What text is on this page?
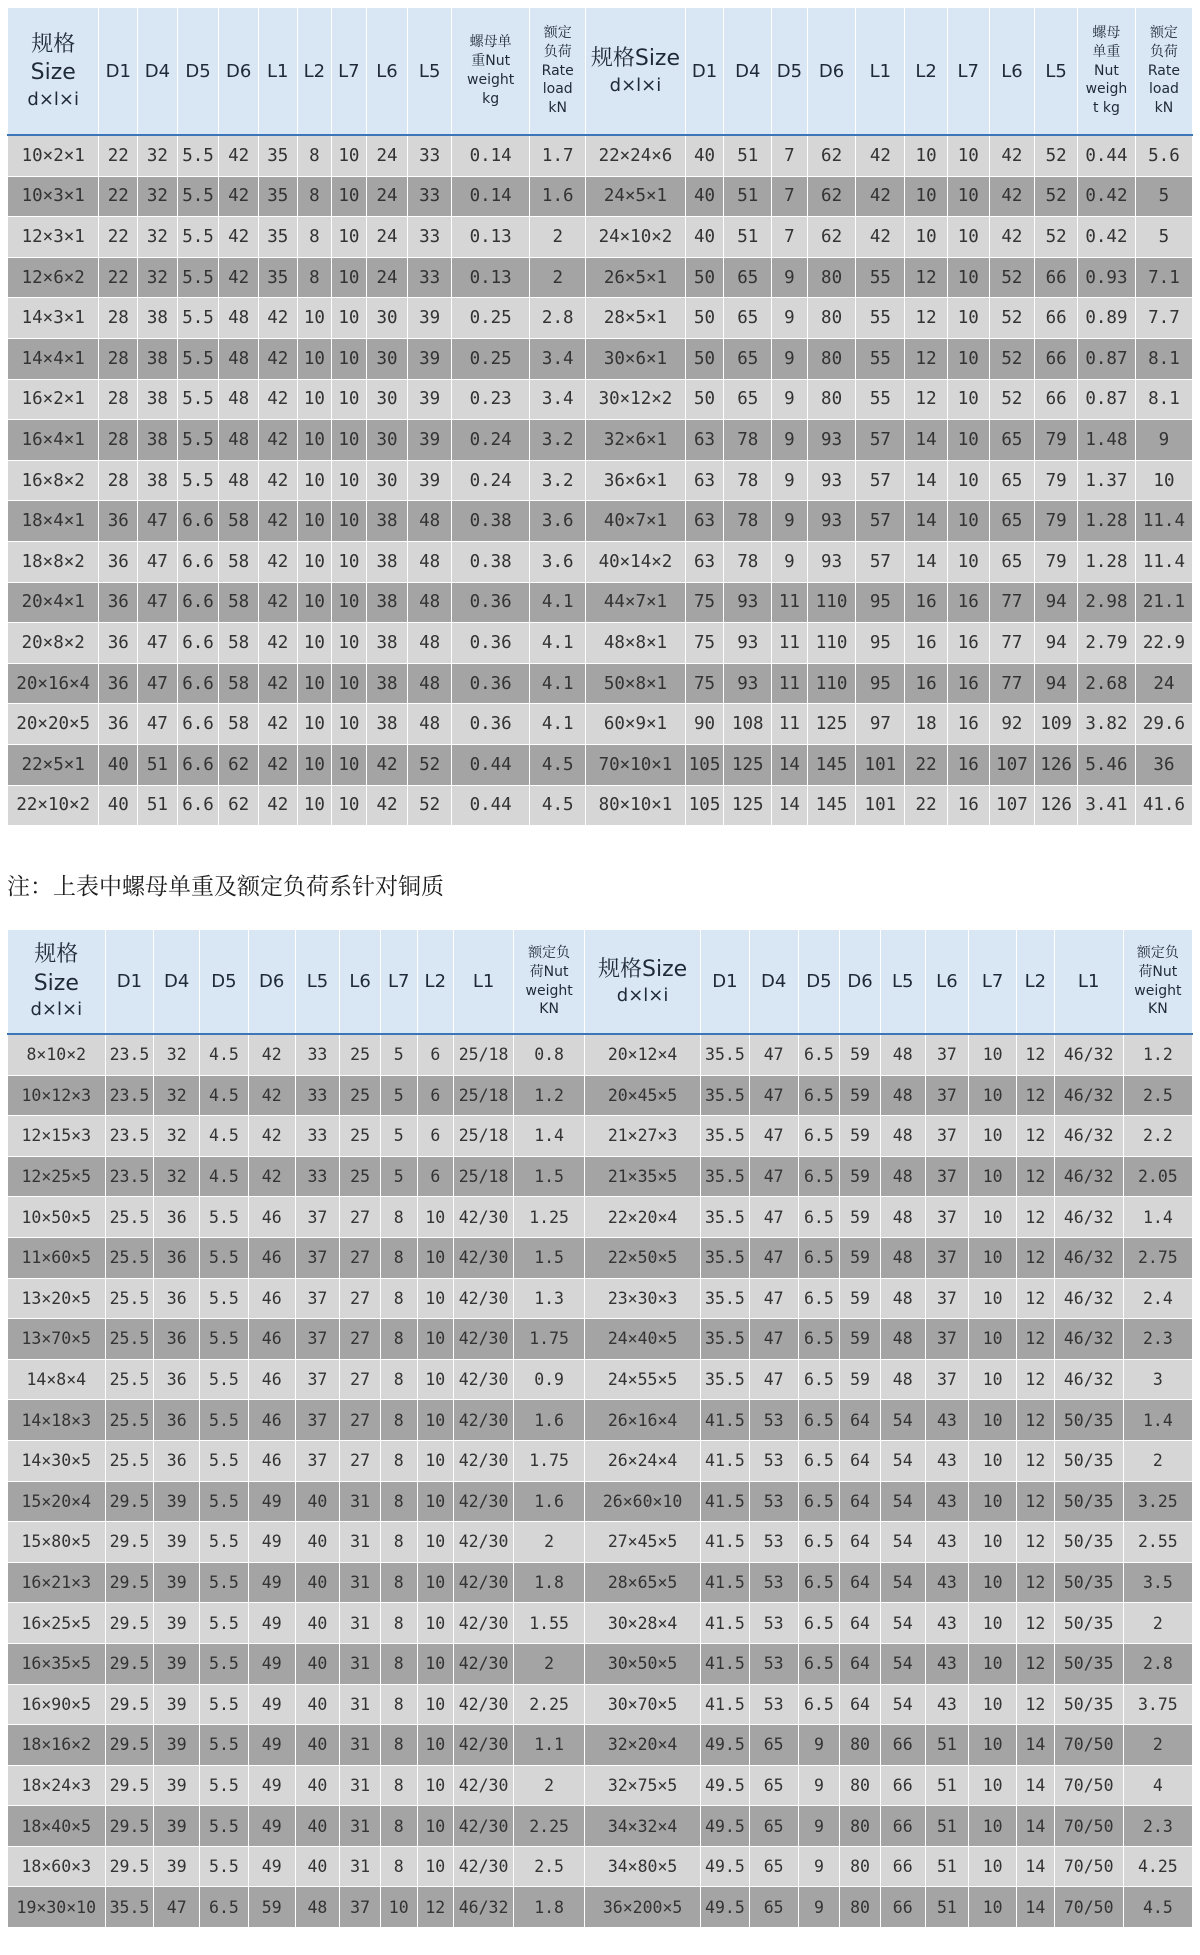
规格
Size
d×l×i	D1	D4	D5	D6	L1	L2	L7	L6	L5	螺母单
重Nut
weight
kg	额定
负荷
Rate
load
kN	规格Size
d×l×i	D1	D4	D5	D6	L1	L2	L7	L6	L5	螺母
单重
Nut
weigh
t kg	额定
负荷
Rate
load
kN
10×2×1	22	32	5.5	42	35	8	10	24	33	0.14	1.7	22×24×6	40	51	7	62	42	10	10	42	52	0.44	5.6
10×3×1	22	32	5.5	42	35	8	10	24	33	0.14	1.6	24×5×1	40	51	7	62	42	10	10	42	52	0.42	5
12×3×1	22	32	5.5	42	35	8	10	24	33	0.13	2	24×10×2	40	51	7	62	42	10	10	42	52	0.42	5
12×6×2	22	32	5.5	42	35	8	10	24	33	0.13	2	26×5×1	50	65	9	80	55	12	10	52	66	0.93	7.1
14×3×1	28	38	5.5	48	42	10	10	30	39	0.25	2.8	28×5×1	50	65	9	80	55	12	10	52	66	0.89	7.7
14×4×1	28	38	5.5	48	42	10	10	30	39	0.25	3.4	30×6×1	50	65	9	80	55	12	10	52	66	0.87	8.1
16×2×1	28	38	5.5	48	42	10	10	30	39	0.23	3.4	30×12×2	50	65	9	80	55	12	10	52	66	0.87	8.1
16×4×1	28	38	5.5	48	42	10	10	30	39	0.24	3.2	32×6×1	63	78	9	93	57	14	10	65	79	1.48	9
16×8×2	28	38	5.5	48	42	10	10	30	39	0.24	3.2	36×6×1	63	78	9	93	57	14	10	65	79	1.37	10
18×4×1	36	47	6.6	58	42	10	10	38	48	0.38	3.6	40×7×1	63	78	9	93	57	14	10	65	79	1.28	11.4
18×8×2	36	47	6.6	58	42	10	10	38	48	0.38	3.6	40×14×2	63	78	9	93	57	14	10	65	79	1.28	11.4
20×4×1	36	47	6.6	58	42	10	10	38	48	0.36	4.1	44×7×1	75	93	11	110	95	16	16	77	94	2.98	21.1
20×8×2	36	47	6.6	58	42	10	10	38	48	0.36	4.1	48×8×1	75	93	11	110	95	16	16	77	94	2.79	22.9
20×16×4	36	47	6.6	58	42	10	10	38	48	0.36	4.1	50×8×1	75	93	11	110	95	16	16	77	94	2.68	24
20×20×5	36	47	6.6	58	42	10	10	38	48	0.36	4.1	60×9×1	90	108	11	125	97	18	16	92	109	3.82	29.6
22×5×1	40	51	6.6	62	42	10	10	42	52	0.44	4.5	70×10×1	105	125	14	145	101	22	16	107	126	5.46	36
22×10×2	40	51	6.6	62	42	10	10	42	52	0.44	4.5	80×10×1	105	125	14	145	101	22	16	107	126	3.41	41.6
注：上表中螺母单重及额定负荷系针对铜质
规格
Size
d×l×i	D1	D4	D5	D6	L5	L6	L7	L2	L1	额定负
荷Nut
weight
KN	规格Size
d×l×i	D1	D4	D5	D6	L5	L6	L7	L2	L1	额定负
荷Nut
weight
KN
8×10×2	23.5	32	4.5	42	33	25	5	6	25/18	0.8	20×12×4	35.5	47	6.5	59	48	37	10	12	46/32	1.2
10×12×3	23.5	32	4.5	42	33	25	5	6	25/18	1.2	20×45×5	35.5	47	6.5	59	48	37	10	12	46/32	2.5
12×15×3	23.5	32	4.5	42	33	25	5	6	25/18	1.4	21×27×3	35.5	47	6.5	59	48	37	10	12	46/32	2.2
12×25×5	23.5	32	4.5	42	33	25	5	6	25/18	1.5	21×35×5	35.5	47	6.5	59	48	37	10	12	46/32	2.05
10×50×5	25.5	36	5.5	46	37	27	8	10	42/30	1.25	22×20×4	35.5	47	6.5	59	48	37	10	12	46/32	1.4
11×60×5	25.5	36	5.5	46	37	27	8	10	42/30	1.5	22×50×5	35.5	47	6.5	59	48	37	10	12	46/32	2.75
13×20×5	25.5	36	5.5	46	37	27	8	10	42/30	1.3	23×30×3	35.5	47	6.5	59	48	37	10	12	46/32	2.4
13×70×5	25.5	36	5.5	46	37	27	8	10	42/30	1.75	24×40×5	35.5	47	6.5	59	48	37	10	12	46/32	2.3
14×8×4	25.5	36	5.5	46	37	27	8	10	42/30	0.9	24×55×5	35.5	47	6.5	59	48	37	10	12	46/32	3
14×18×3	25.5	36	5.5	46	37	27	8	10	42/30	1.6	26×16×4	41.5	53	6.5	64	54	43	10	12	50/35	1.4
14×30×5	25.5	36	5.5	46	37	27	8	10	42/30	1.75	26×24×4	41.5	53	6.5	64	54	43	10	12	50/35	2
15×20×4	29.5	39	5.5	49	40	31	8	10	42/30	1.6	26×60×10	41.5	53	6.5	64	54	43	10	12	50/35	3.25
15×80×5	29.5	39	5.5	49	40	31	8	10	42/30	2	27×45×5	41.5	53	6.5	64	54	43	10	12	50/35	2.55
16×21×3	29.5	39	5.5	49	40	31	8	10	42/30	1.8	28×65×5	41.5	53	6.5	64	54	43	10	12	50/35	3.5
16×25×5	29.5	39	5.5	49	40	31	8	10	42/30	1.55	30×28×4	41.5	53	6.5	64	54	43	10	12	50/35	2
16×35×5	29.5	39	5.5	49	40	31	8	10	42/30	2	30×50×5	41.5	53	6.5	64	54	43	10	12	50/35	2.8
16×90×5	29.5	39	5.5	49	40	31	8	10	42/30	2.25	30×70×5	41.5	53	6.5	64	54	43	10	12	50/35	3.75
18×16×2	29.5	39	5.5	49	40	31	8	10	42/30	1.1	32×20×4	49.5	65	9	80	66	51	10	14	70/50	2
18×24×3	29.5	39	5.5	49	40	31	8	10	42/30	2	32×75×5	49.5	65	9	80	66	51	10	14	70/50	4
18×40×5	29.5	39	5.5	49	40	31	8	10	42/30	2.25	34×32×4	49.5	65	9	80	66	51	10	14	70/50	2.3
18×60×3	29.5	39	5.5	49	40	31	8	10	42/30	2.5	34×80×5	49.5	65	9	80	66	51	10	14	70/50	4.25
19×30×10	35.5	47	6.5	59	48	37	10	12	46/32	1.8	36×200×5	49.5	65	9	80	66	51	10	14	70/50	4.5
